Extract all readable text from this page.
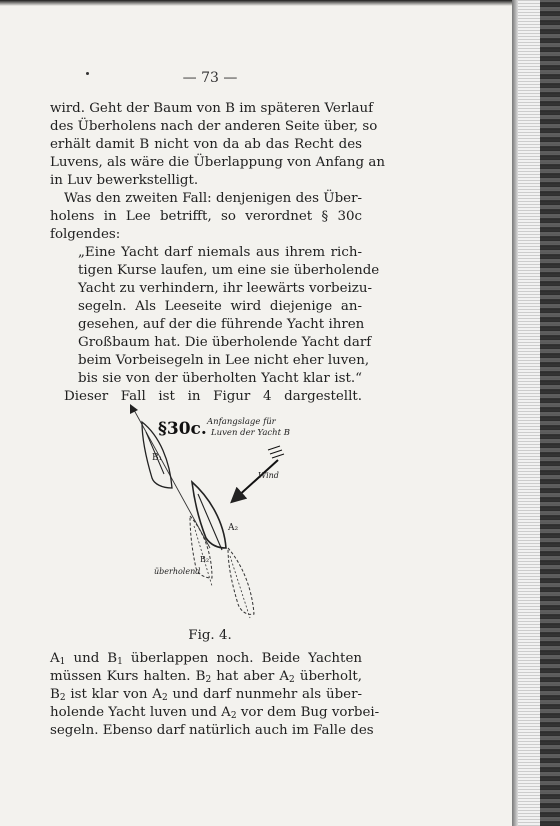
— 73 —
wird. Geht der Baum von B im späteren Verlauf
des Überholens nach der anderen Seite über, so
erhält damit B nicht von da ab das Recht des
Luvens, als wäre die Überlappung von Anfang an
in Luv bewerkstelligt.
Was den zweiten Fall: denjenigen des Über-
holens in Lee betrifft, so verordnet § 30c
folgendes:
„Eine Yacht darf niemals aus ihrem rich-
tigen Kurse laufen, um eine sie überholende
Yacht zu verhindern, ihr leewärts vorbeizu-
segeln. Als Leeseite wird diejenige an-
gesehen, auf der die führende Yacht ihren
Großbaum hat. Die überholende Yacht darf
beim Vorbeisegeln in Lee nicht eher luven,
bis sie von der überholten Yacht klar ist.“
Dieser Fall ist in Figur 4 dargestellt.
B₁
A₂
B₂
Wind
§30c. Anfangslage für
Luven der Yacht B
überholend
Fig. 4.
$A_1$ und $B_1$ überlappen noch. Beide Yachten
müssen Kurs halten. $B_2$ hat aber $A_2$ überholt,
$B_2$ ist klar von $A_2$ und darf nunmehr als über-
holende Yacht luven und $A_2$ vor dem Bug vorbei-
segeln. Ebenso darf natürlich auch im Falle des
